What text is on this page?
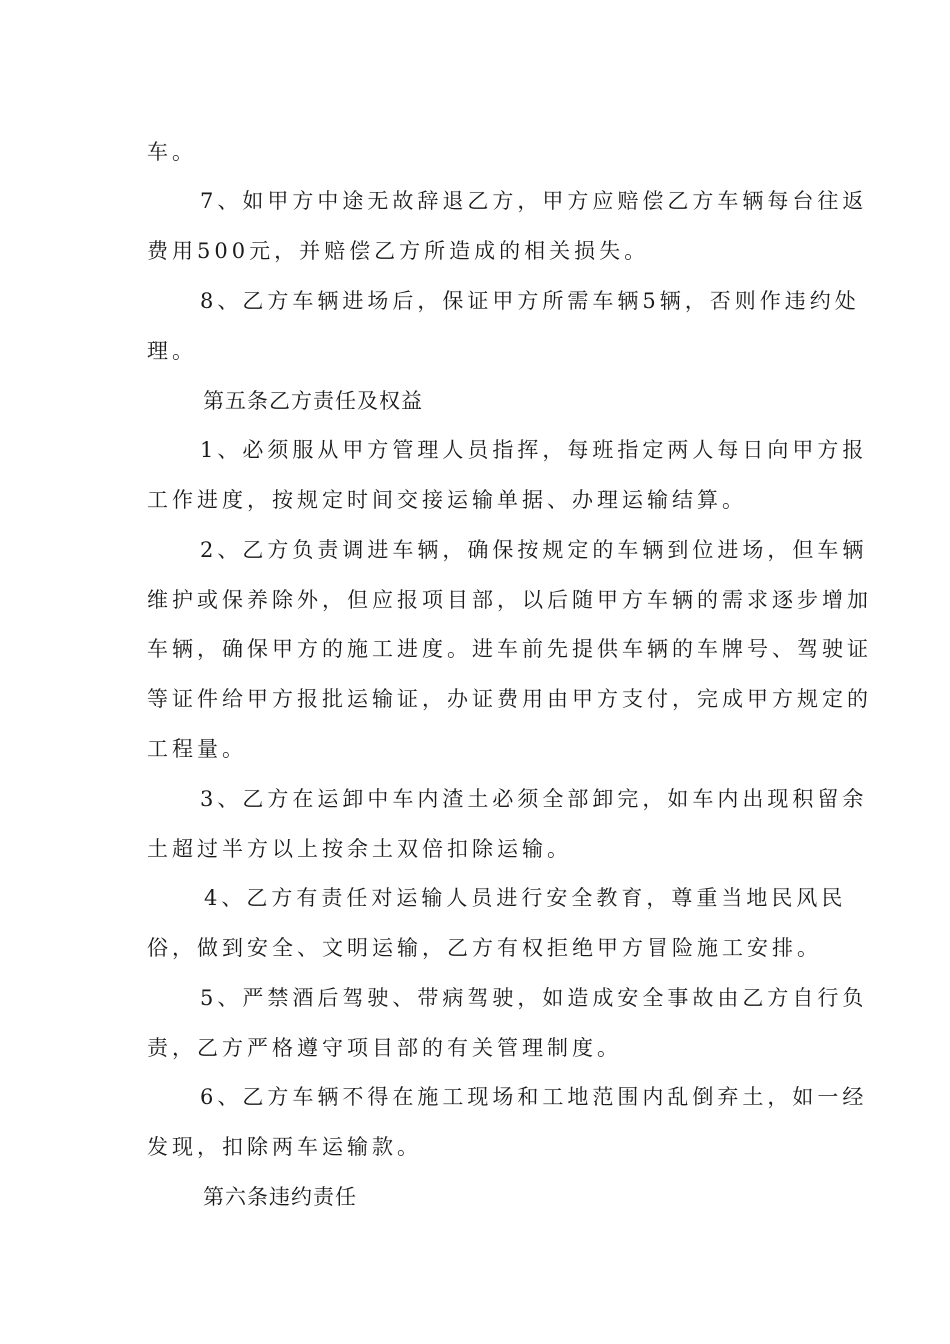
车。
7、如甲方中途无故辞退乙方，甲方应赔偿乙方车辆每台往返
费用500元，并赔偿乙方所造成的相关损失。
8、乙方车辆进场后，保证甲方所需车辆5辆，否则作违约处
理。
第五条乙方责任及权益
1、必须服从甲方管理人员指挥，每班指定两人每日向甲方报
工作进度，按规定时间交接运输单据、办理运输结算。
2、乙方负责调进车辆，确保按规定的车辆到位进场，但车辆
维护或保养除外，但应报项目部，以后随甲方车辆的需求逐步增加
车辆，确保甲方的施工进度。进车前先提供车辆的车牌号、驾驶证
等证件给甲方报批运输证，办证费用由甲方支付，完成甲方规定的
工程量。
3、乙方在运卸中车内渣土必须全部卸完，如车内出现积留余
土超过半方以上按余土双倍扣除运输。
4、乙方有责任对运输人员进行安全教育，尊重当地民风民
俗，做到安全、文明运输，乙方有权拒绝甲方冒险施工安排。
5、严禁酒后驾驶、带病驾驶，如造成安全事故由乙方自行负
责，乙方严格遵守项目部的有关管理制度。
6、乙方车辆不得在施工现场和工地范围内乱倒弃土，如一经
发现，扣除两车运输款。
第六条违约责任
